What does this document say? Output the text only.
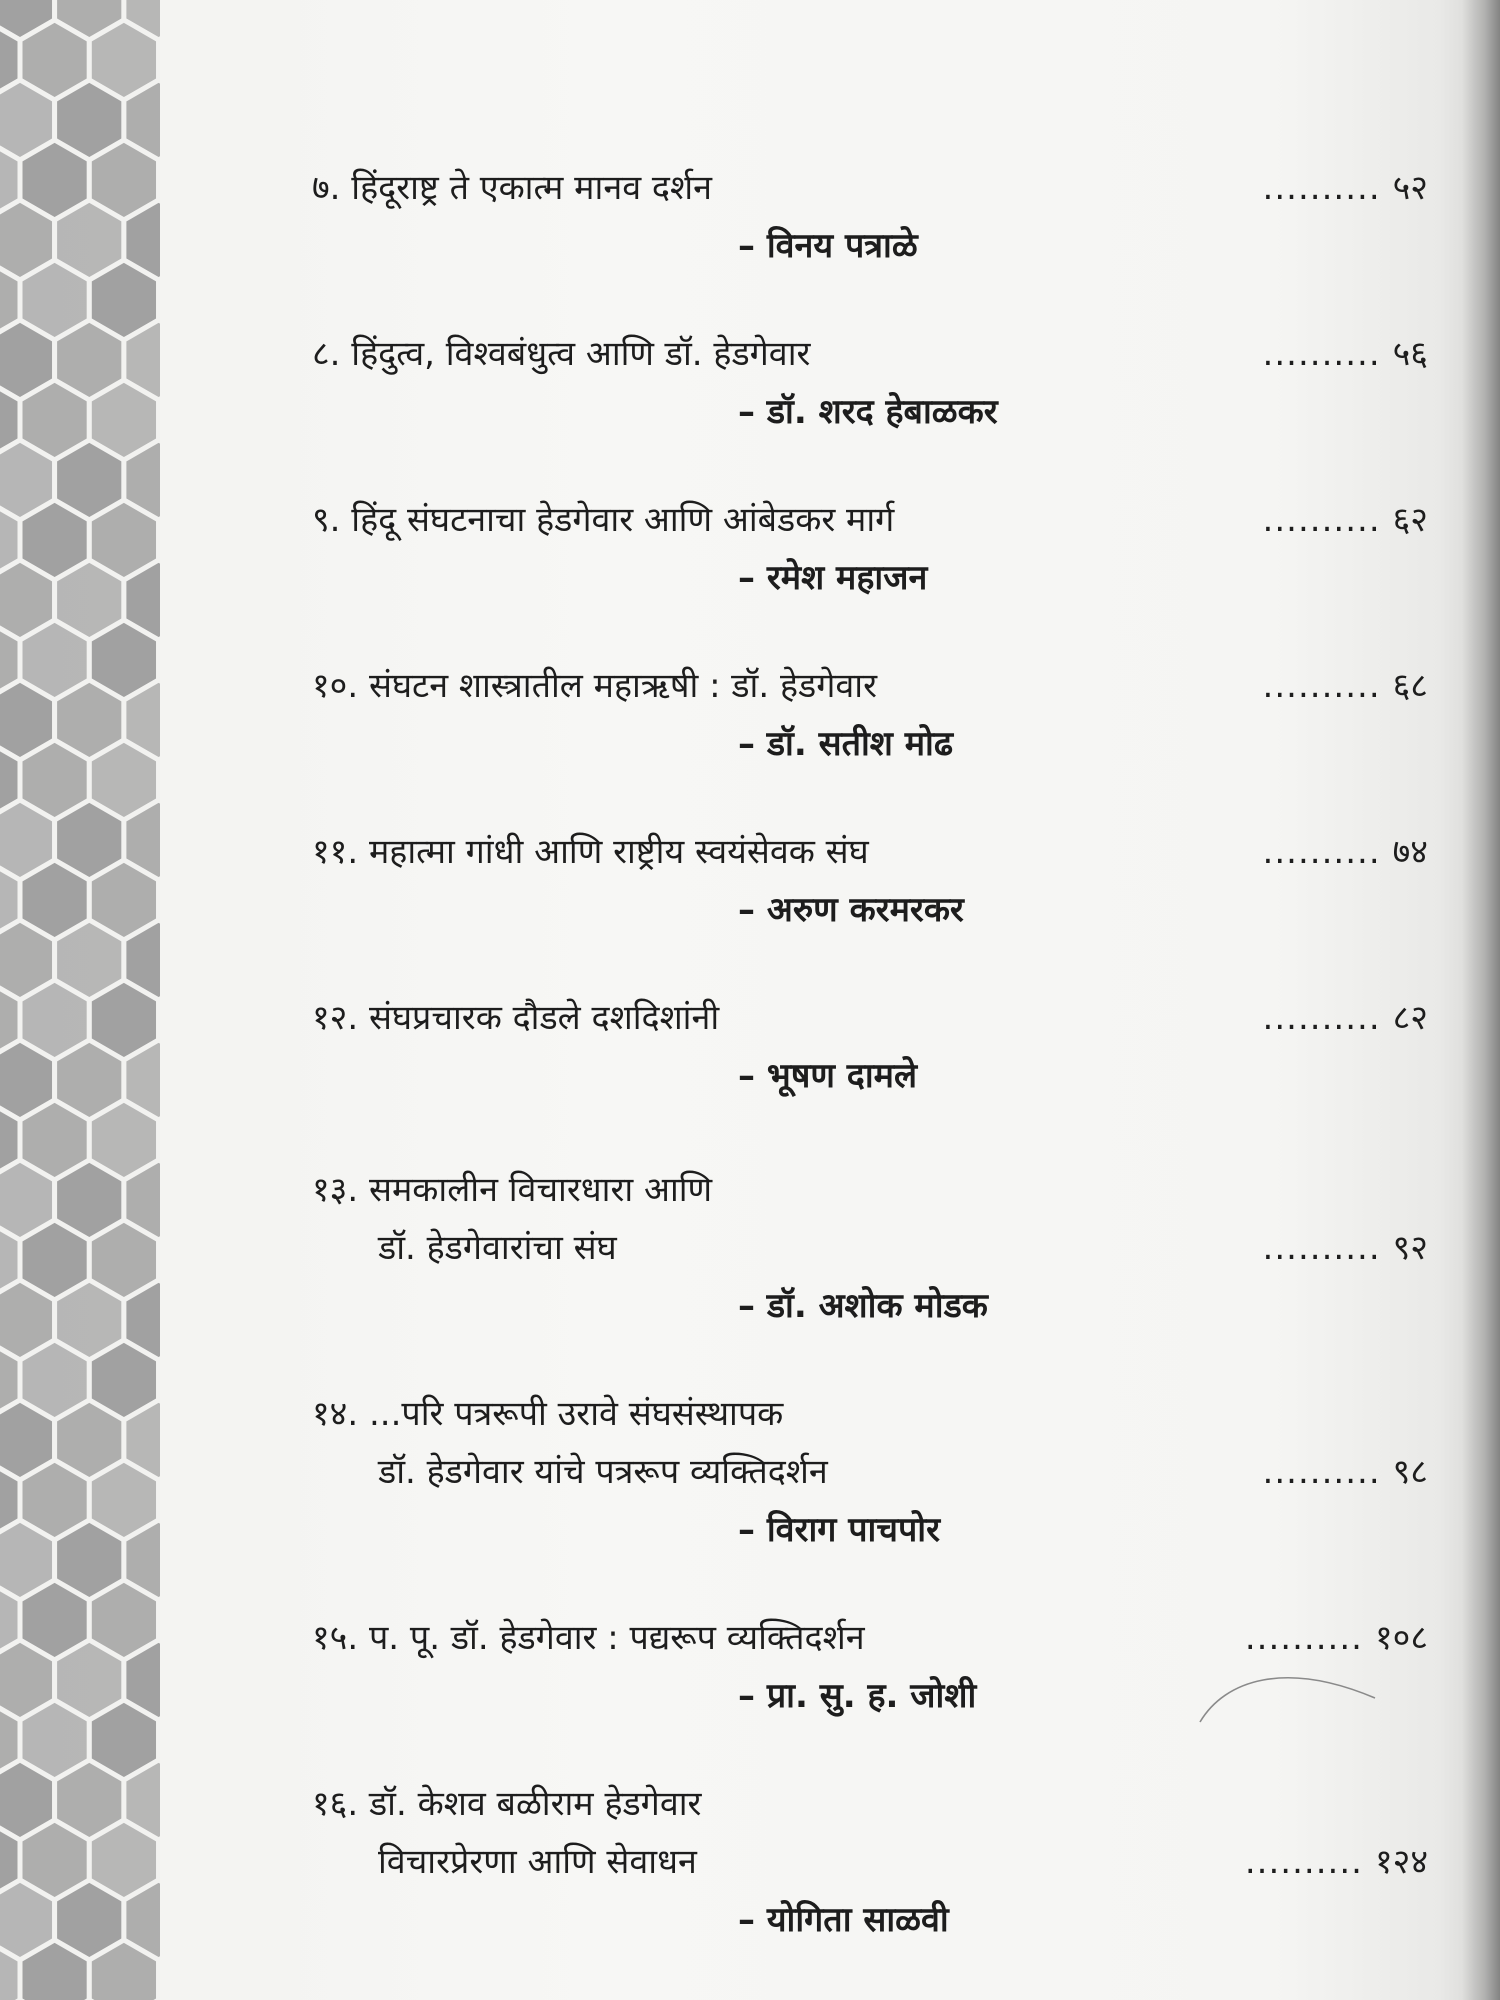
७. हिंदूराष्ट्र ते एकात्म मानव दर्शन
– विनय पत्राळे
.......... ५२
८. हिंदुत्व, विश्वबंधुत्व आणि डॉ. हेडगेवार
– डॉ. शरद हेबाळकर
.......... ५६
९. हिंदू संघटनाचा हेडगेवार आणि आंबेडकर मार्ग
– रमेश महाजन
.......... ६२
१०. संघटन शास्त्रातील महाऋषी : डॉ. हेडगेवार
– डॉ. सतीश मोढ
.......... ६८
११. महात्मा गांधी आणि राष्ट्रीय स्वयंसेवक संघ
– अरुण करमरकर
.......... ७४
१२. संघप्रचारक दौडले दशदिशांनी
– भूषण दामले
.......... ८२
१३. समकालीन विचारधारा आणि
डॉ. हेडगेवारांचा संघ
– डॉ. अशोक मोडक
.......... ९२
१४. ...परि पत्ररूपी उरावे संघसंस्थापक
डॉ. हेडगेवार यांचे पत्ररूप व्यक्तिदर्शन
– विराग पाचपोर
.......... ९८
१५. प. पू. डॉ. हेडगेवार : पद्यरूप व्यक्तिदर्शन
– प्रा. सु. ह. जोशी
.......... १०८
१६. डॉ. केशव बळीराम हेडगेवार
विचारप्रेरणा आणि सेवाधन
– योगिता साळवी
.......... १२४
